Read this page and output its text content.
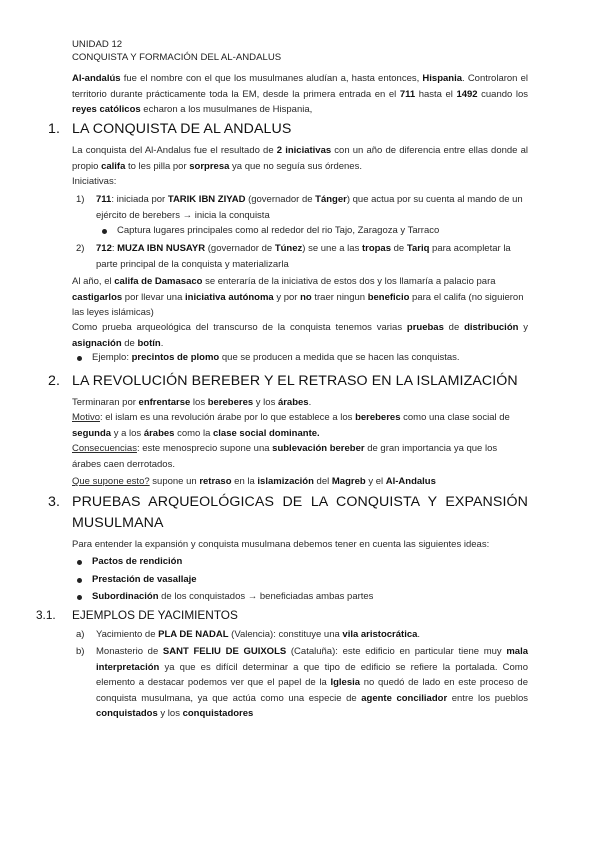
UNIDAD 12
CONQUISTA Y FORMACIÓN DEL AL-ANDALUS

Al-andalús fue el nombre con el que los musulmanes aludían a, hasta entonces, Hispania. Controlaron el territorio durante prácticamente toda la EM, desde la primera entrada en el 711 hasta el 1492 cuando los reyes católicos echaron a los musulmanes de Hispania,

1. LA CONQUISTA DE AL ANDALUS

La conquista del Al-Andalus fue el resultado de 2 iniciativas con un año de diferencia entre ellas donde al propio califa to les pilla por sorpresa ya que no seguía sus órdenes.

Iniciativas:

1) 711: iniciada por TARIK IBN ZIYAD (governador de Tánger) que actua por su cuenta al mando de un ejército de berebers → inicia la conquista

Captura lugares principales como al rededor del rio Tajo, Zaragoza y Tarraco

2) 712: MUZA IBN NUSAYR (governador de Túnez) se une a las tropas de Tariq para acompletar la parte principal de la conquista y materializarla

Al año, el califa de Damasaco se enteraría de la iniciativa de estos dos y los llamaría a palacio para castigarlos por llevar una iniciativa autónoma y por no traer ningun beneficio para el califa (no siguieron las leyes islámicas)

Como prueba arqueológica del transcurso de la conquista tenemos varias pruebas de distribución y asignación de botín.

Ejemplo: precintos de plomo que se producen a medida que se hacen las conquistas.

2. LA REVOLUCIÓN BEREBER Y EL RETRASO EN LA ISLAMIZACIÓN

Terminaran por enfrentarse los bereberes y los árabes.

Motivo: el islam es una revolución árabe por lo que establece a los bereberes como una clase social de segunda y a los árabes como la clase social dominante.

Consecuencias: este menosprecio supone una sublevación bereber de gran importancia ya que los árabes caen derrotados.

Que supone esto? supone un retraso en la islamización del Magreb y el Al-Andalus

3. PRUEBAS ARQUEOLÓGICAS DE LA CONQUISTA Y EXPANSIÓN
MUSULMANA

Para entender la expansión y conquista musulmana debemos tener en cuenta las siguientes ideas:

Pactos de rendición

Prestación de vasallaje

Subordinación de los conquistados → beneficiadas ambas partes

3.1. EJEMPLOS DE YACIMIENTOS
a) Yacimiento de PLA DE NADAL (Valencia): constituye una vila aristocrática.

b) Monasterio de SANT FELIU DE GUIXOLS (Cataluña): este edificio en particular tiene muy mala interpretación ya que es difícil determinar a que tipo de edificio se refiere la portalada. Como elemento a destacar podemos ver que el papel de la Iglesia no quedó de lado en este proceso de conquista musulmana, ya que actúa como una especie de agente conciliador entre los pueblos conquistados y los conquistadores
